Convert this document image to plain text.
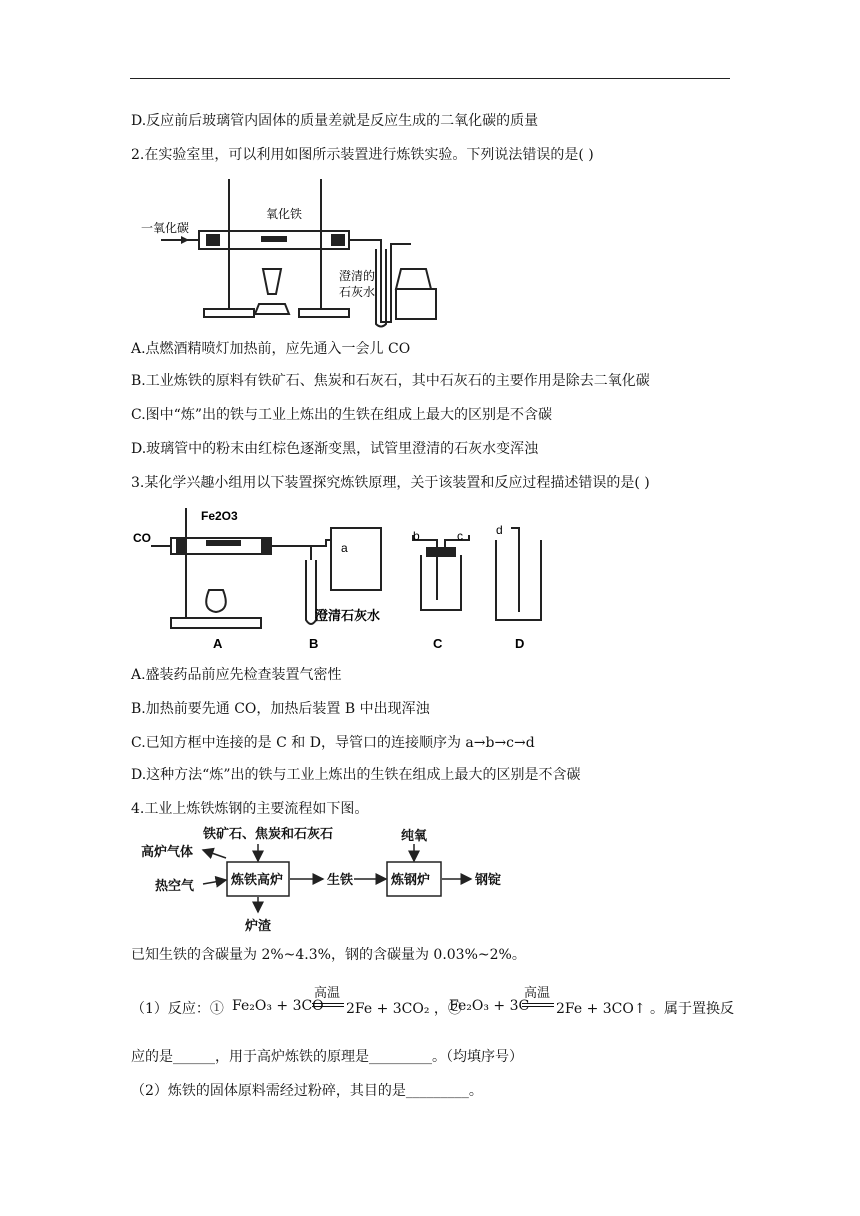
D.反应前后玻璃管内固体的质量差就是反应生成的二氧化碳的质量
2.在实验室里，可以利用如图所示装置进行炼铁实验。下列说法错误的是( )
一氧化碳
氧化铁
澄清的
石灰水
A.点燃酒精喷灯加热前，应先通入一会儿 CO
B.工业炼铁的原料有铁矿石、焦炭和石灰石，其中石灰石的主要作用是除去二氧化碳
C.图中“炼”出的铁与工业上炼出的生铁在组成上最大的区别是不含碳
D.玻璃管中的粉末由红棕色逐渐变黑，试管里澄清的石灰水变浑浊
3.某化学兴趣小组用以下装置探究炼铁原理，关于该装置和反应过程描述错误的是( )
CO
Fe2O3
a
b	c	d
澄清石灰水
A	B	C	D
A.盛装药品前应先检查装置气密性
B.加热前要先通 CO，加热后装置 B 中出现浑浊
C.已知方框中连接的是 C 和 D，导管口的连接顺序为 a→b→c→d
D.这种方法“炼”出的铁与工业上炼出的生铁在组成上最大的区别是不含碳
4.工业上炼铁炼钢的主要流程如下图。
铁矿石、焦炭和石灰石
高炉气体
热空气	炼铁高炉	生铁
纯氧
炼钢炉	钢锭
炉渣
已知生铁的含碳量为 2%~4.3%，钢的含碳量为 0.03%~2%。
（1）反应：① Fe₂O₃ + 3CO
高温
2Fe + 3CO₂ ，②
Fe₂O₃ + 3C
高温
2Fe + 3CO↑ 。属于置换反
应的是______，用于高炉炼铁的原理是_________。（均填序号）
（2）炼铁的固体原料需经过粉碎，其目的是_________。
